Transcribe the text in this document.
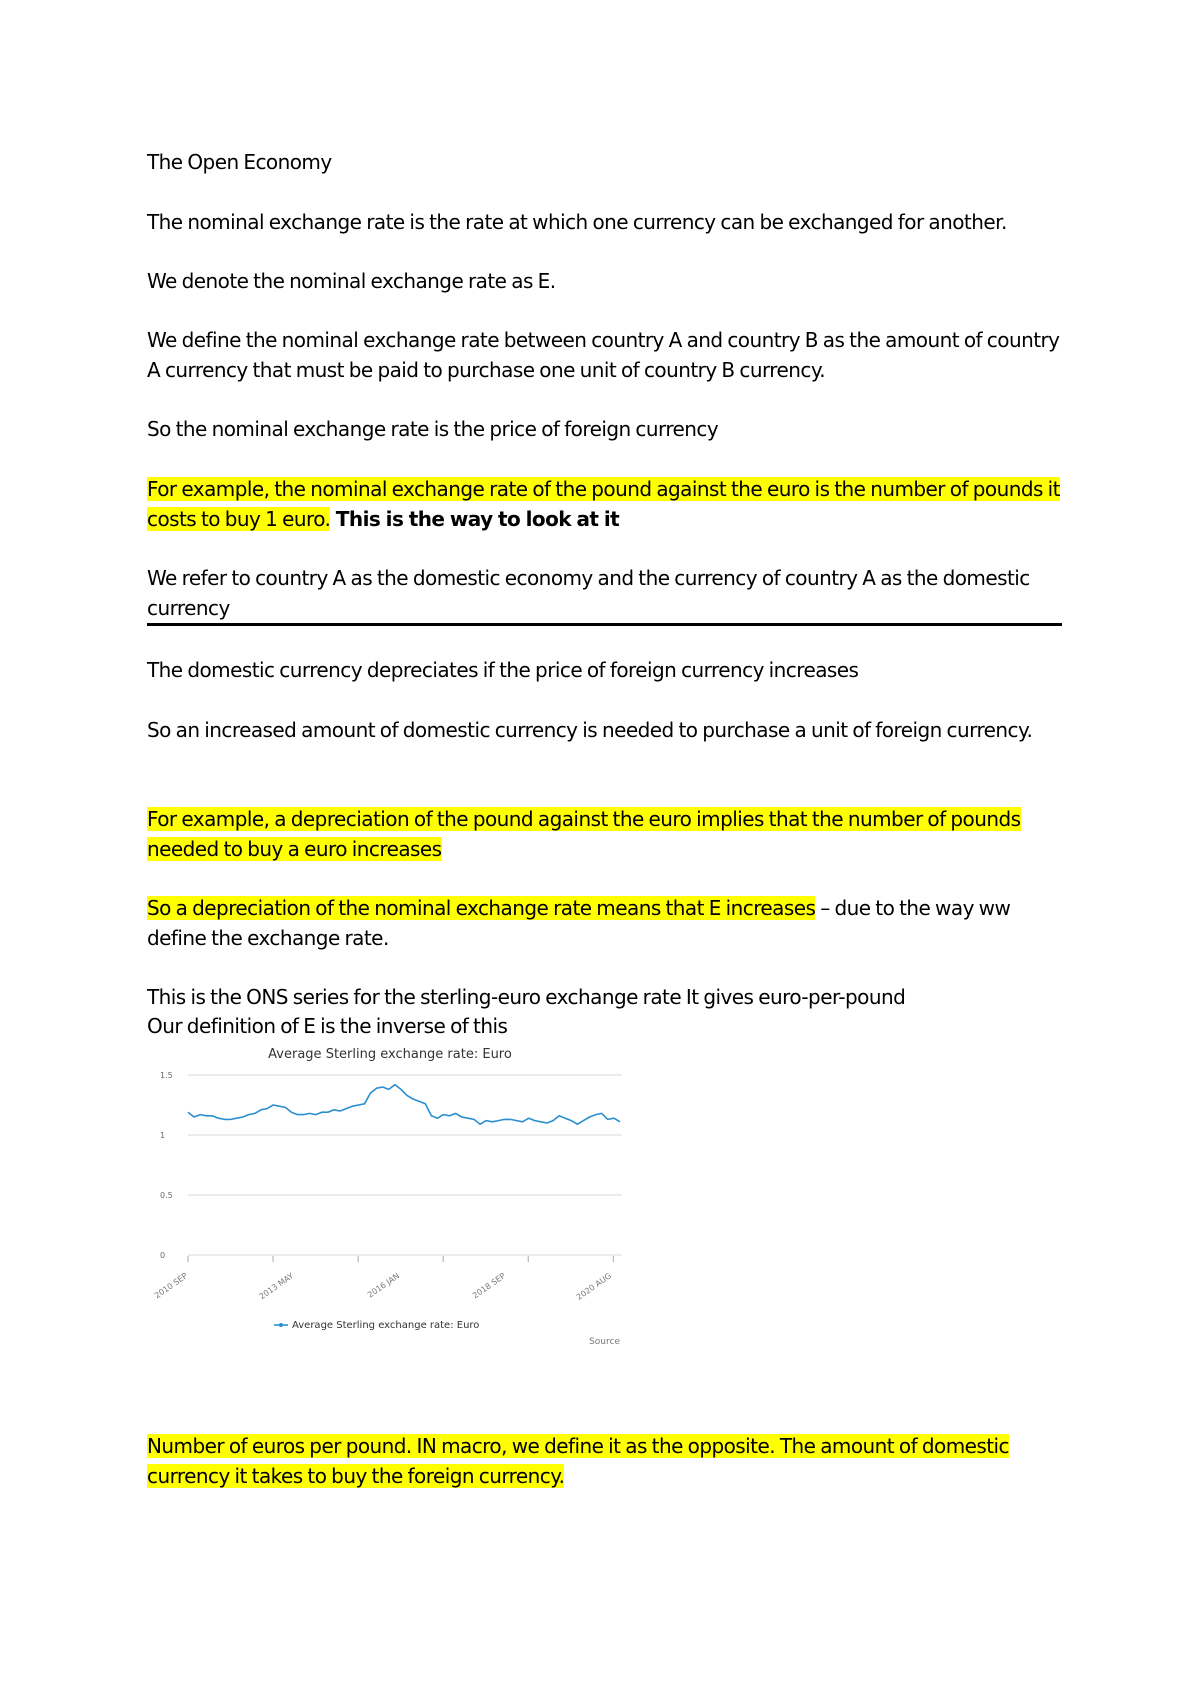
The Open Economy

The nominal exchange rate is the rate at which one currency can be exchanged for another.

We denote the nominal exchange rate as E.

We define the nominal exchange rate between country A and country B as the amount of country A currency that must be paid to purchase one unit of country B currency.

So the nominal exchange rate is the price of foreign currency

For example, the nominal exchange rate of the pound against the euro is the number of pounds it costs to buy 1 euro. This is the way to look at it

We refer to country A as the domestic economy and the currency of country A as the domestic currency

The domestic currency depreciates if the price of foreign currency increases

So an increased amount of domestic currency is needed to purchase a unit of foreign currency.

For example, a depreciation of the pound against the euro implies that the number of pounds needed to buy a euro increases

So a depreciation of the nominal exchange rate means that E increases – due to the way ww define the exchange rate.

This is the ONS series for the sterling-euro exchange rate It gives euro-per-pound

Our definition of E is the inverse of this

Average Sterling exchange rate: Euro
0
0.5
1
1.5
2010 SEP	2013 MAY	2016 JAN	2018 SEP	2020 AUG
Average Sterling exchange rate: Euro
Source

Number of euros per pound. IN macro, we define it as the opposite. The amount of domestic currency it takes to buy the foreign currency.
